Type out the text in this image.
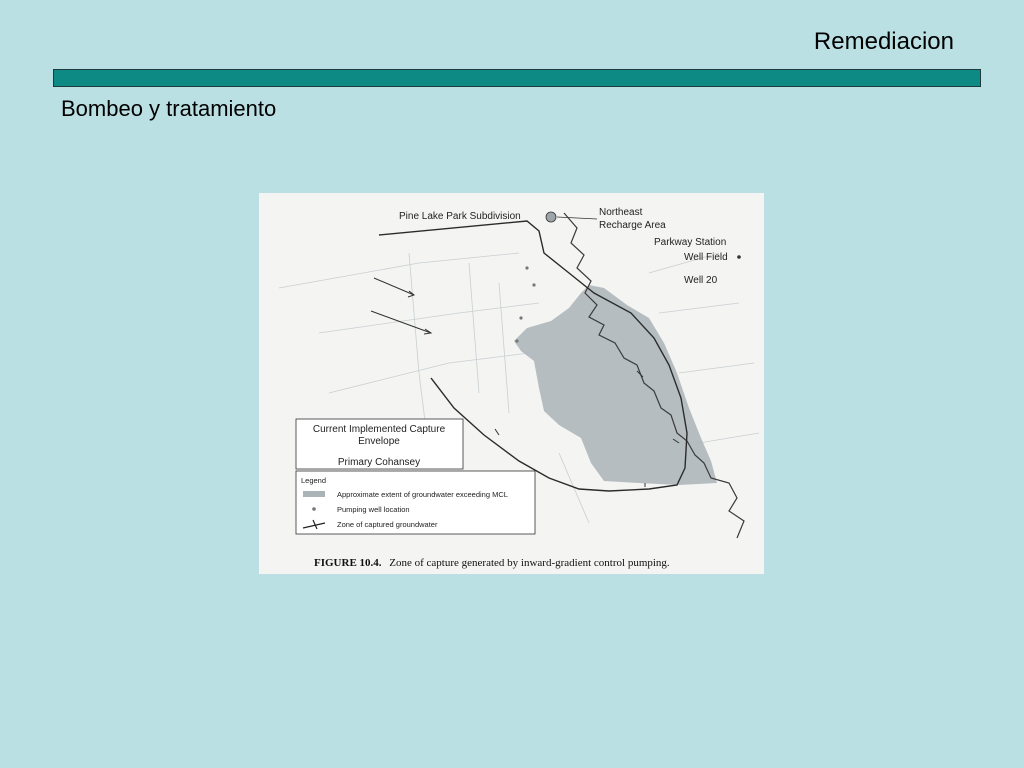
Remediacion
Bombeo y tratamiento
Pine Lake Park Subdivision	Northeast
Recharge Area
Parkway Station
Well Field
Well 20
Current Implemented Capture
Envelope
Primary Cohansey
Legend
Approximate extent of groundwater exceeding MCL
Pumping well location
Zone of captured groundwater
FIGURE 10.4. Zone of capture generated by inward-gradient control pumping.
